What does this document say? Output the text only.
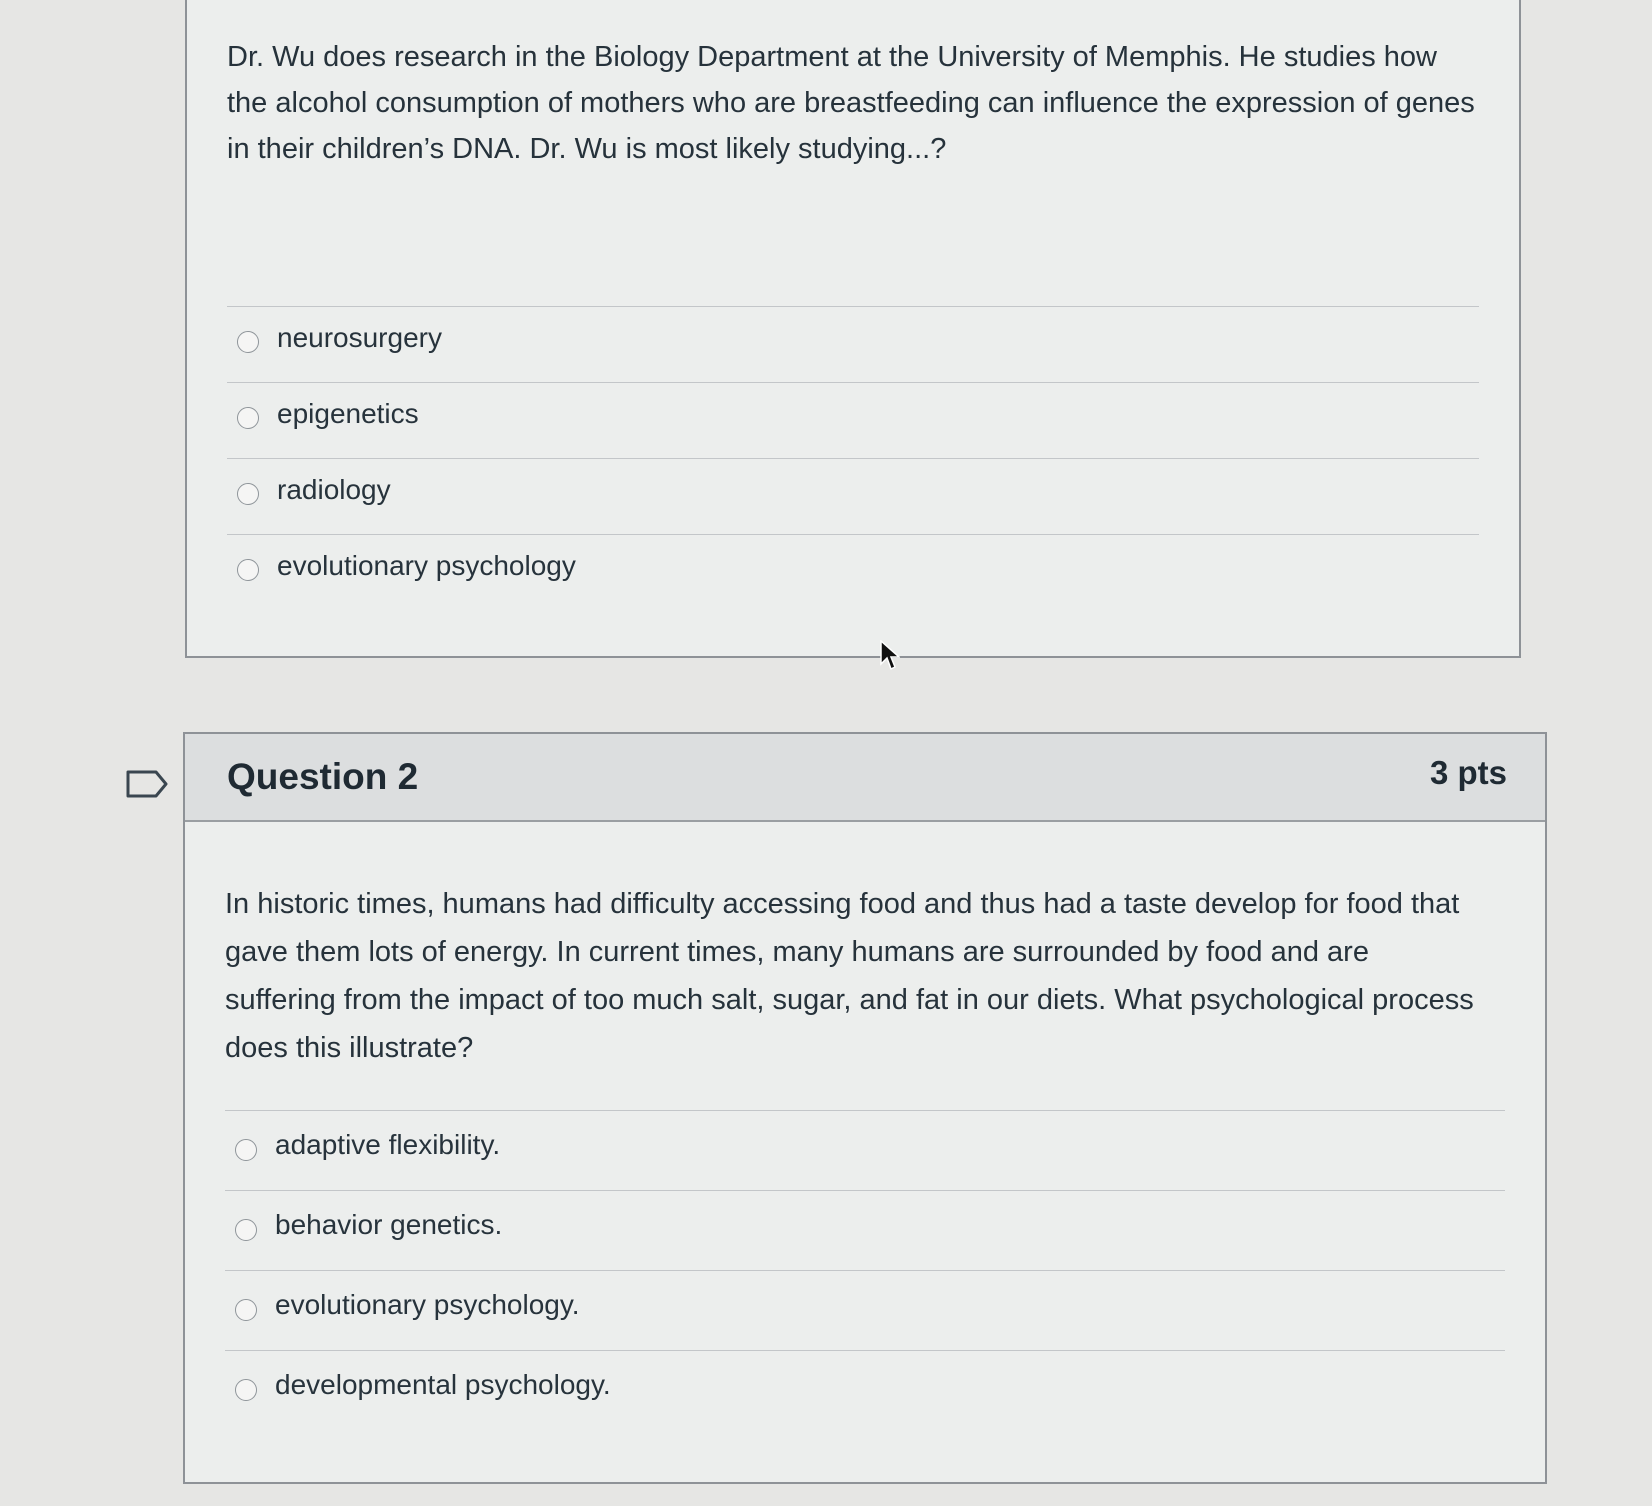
Dr. Wu does research in the Biology Department at the University of Memphis. He studies how the alcohol consumption of mothers who are breastfeeding can influence the expression of genes in their children’s DNA. Dr. Wu is most likely studying...?
neurosurgery
epigenetics
radiology
evolutionary psychology
Question 2	3 pts
In historic times, humans had difficulty accessing food and thus had a taste develop for food that gave them lots of energy. In current times, many humans are surrounded by food and are suffering from the impact of too much salt, sugar, and fat in our diets. What psychological process does this illustrate?
adaptive flexibility.
behavior genetics.
evolutionary psychology.
developmental psychology.
